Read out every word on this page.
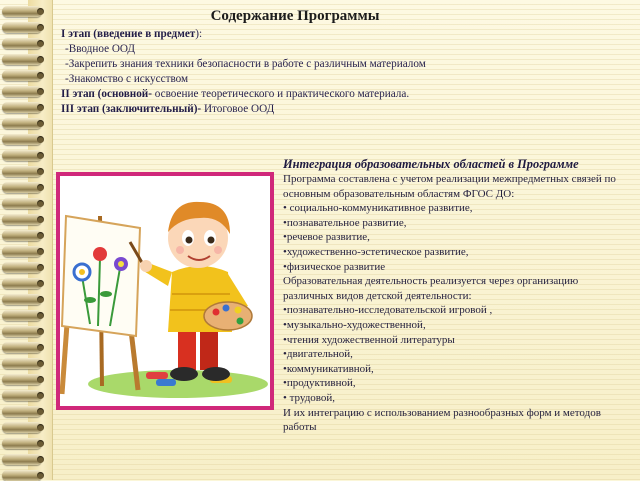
Содержание Программы
I этап (введение в предмет):
-Вводное ООД
-Закрепить знания техники безопасности в работе с различным материалом
-Знакомство с искусством
II этап (основной- освоение теоретического и практического материала.
III этап (заключительный)- Итоговое ООД
Интеграция образовательных областей в Программе
Программа составлена с учетом реализации межпредметных связей по основным образовательным областям ФГОС ДО:
• социально-коммуникативное развитие,
•познавательное развитие,
•речевое развитие,
•художественно-эстетическое развитие,
•физическое развитие
Образовательная деятельность реализуется через организацию различных видов детской деятельности:
•познавательно-исследовательской игровой ,
•музыкально-художественной,
•чтения художественной литературы
•двигательной,
•коммуникативной,
•продуктивной,
• трудовой,
И их интеграцию с использованием разнообразных форм и методов работы
